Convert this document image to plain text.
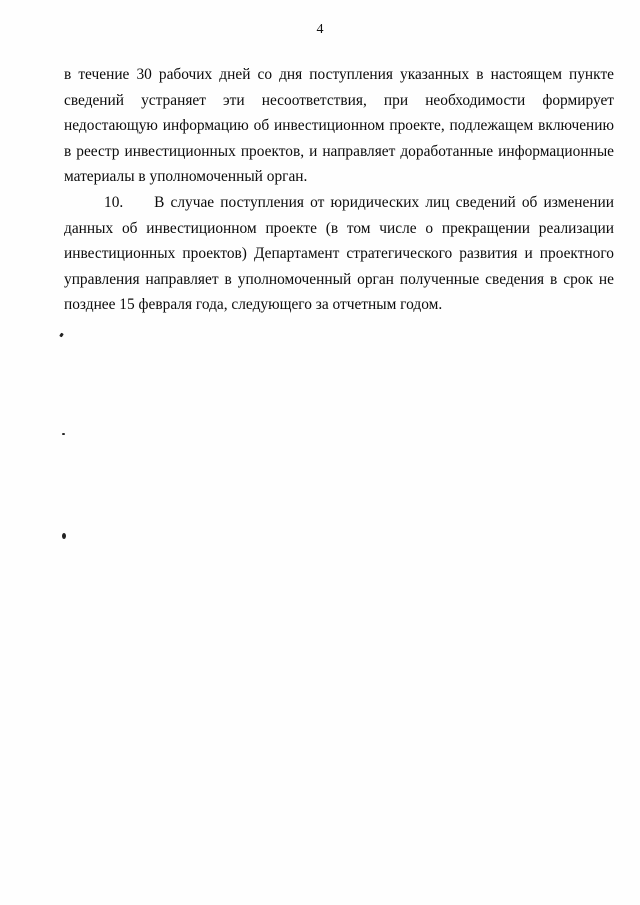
4

в течение 30 рабочих дней со дня поступления указанных в настоящем пункте сведений устраняет эти несоответствия, при необходимости формирует недостающую информацию об инвестиционном проекте, подлежащем включению в реестр инвестиционных проектов, и направляет доработанные информационные материалы в уполномоченный орган.

10.     В случае поступления от юридических лиц сведений об изменении данных об инвестиционном проекте (в том числе о прекращении реализации инвестиционных проектов) Департамент стратегического развития и проектного управления направляет в уполномоченный орган полученные сведения в срок не позднее 15 февраля года, следующего за отчетным годом.
